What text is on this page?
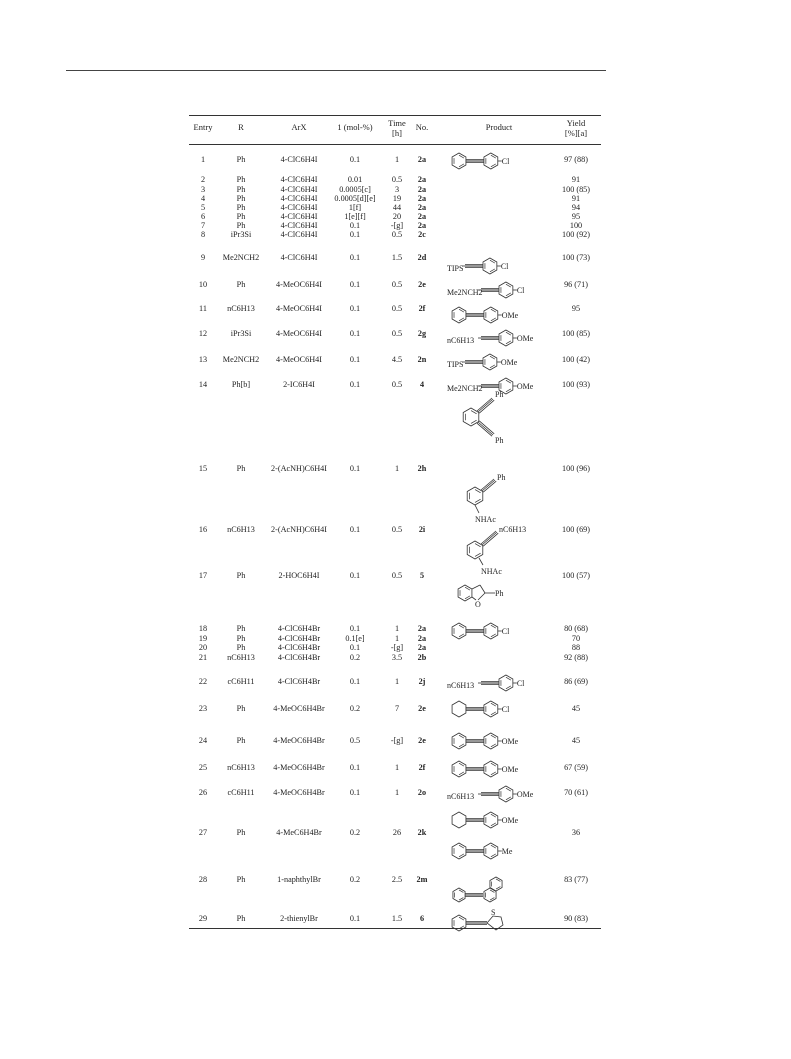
Entry	R	ArX	1 (mol-%) Time
[h]
No.	Product	Yield
[%][a]
1	Ph	4-ClC6H4I	0.1	1 2a	97 (88)
2	Ph	4-ClC6H4I	0.01	0.5 2a	91
3	Ph	4-ClC6H4I	0.0005[c]	3 2a	100 (85)
4	Ph	4-ClC6H4I 0.0005[d][e] 19 2a	91
5	Ph	4-ClC6H4I	1[f]	44 2a	94
6	Ph	4-ClC6H4I	1[e][f]	20 2a	95
7	Ph	4-ClC6H4I	0.1	-[g] 2a	100
8	iPr3Si	4-ClC6H4I	0.1	0.5 2c	100 (92)
9 Me2NCH2	4-ClC6H4I	0.1	1.5 2d	100 (73)
10	Ph	4-MeOC6H4I	0.1	0.5 2e	96 (71)
11 nC6H13	4-MeOC6H4I	0.1	0.5 2f	95
12	iPr3Si	4-MeOC6H4I	0.1	0.5 2g	100 (85)
13 Me2NCH2 4-MeOC6H4I	0.1	4.5 2n	100 (42)
14	Ph[b]	2-IC6H4I	0.1	0.5 4	100 (93)
15	Ph	2-(AcNH)C6H4I	0.1	1 2h	100 (96)
16 nC6H13 2-(AcNH)C6H4I	0.1	0.5 2i	100 (69)
17	Ph	2-HOC6H4I	0.1	0.5 5	100 (57)
18	Ph	4-ClC6H4Br	0.1	1 2a	80 (68)
19	Ph	4-ClC6H4Br	0.1[e]	1 2a	70
20	Ph	4-ClC6H4Br	0.1	-[g] 2a	88
21 nC6H13	4-ClC6H4Br	0.2	3.5 2b	92 (88)
22 cC6H11	4-ClC6H4Br	0.1	1 2j	86 (69)
23	Ph	4-MeOC6H4Br	0.2	7 2e	45
24	Ph	4-MeOC6H4Br	0.5	-[g] 2e	45
25 nC6H13 4-MeOC6H4Br	0.1	1 2f	67 (59)
26 cC6H11 4-MeOC6H4Br	0.1	1 2o	70 (61)
27	Ph	4-MeC6H4Br	0.2	26 2k	36
28	Ph	1-naphthylBr	0.2	2.5 2m	83 (77)
29	Ph	2-thienylBr	0.1	1.5 6	90 (83)
Cl
TIPS	Cl
Me2NCH2	Cl
OMe
nC6H13	OMe
TIPS	OMe
Me2NCH2	OMe
Ph
Ph
Ph
NHAc
nC6H13
NHAc
O
Ph
Cl
nC6H13	Cl
Cl
OMe
OMe
nC6H13	OMe
OMe
Me
S
